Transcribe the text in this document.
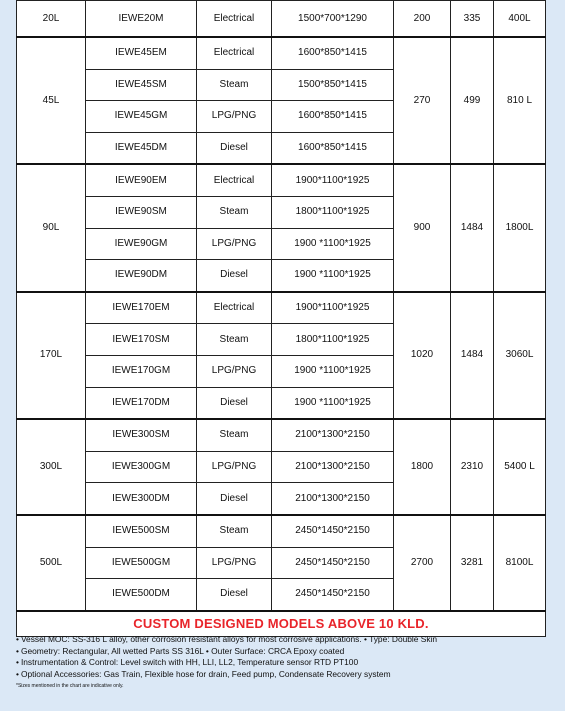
20L	IEWE20M	Electrical	1500*700*1290	200	335	400L
45L	IEWE45EM	Electrical	1600*850*1415	270	499	810 L
	IEWE45SM	Steam	1500*850*1415			
	IEWE45GM	LPG/PNG	1600*850*1415			
	IEWE45DM	Diesel	1600*850*1415			
90L	IEWE90EM	Electrical	1900*1100*1925	900	1484	1800L
	IEWE90SM	Steam	1800*1100*1925			
	IEWE90GM	LPG/PNG	1900 *1100*1925			
	IEWE90DM	Diesel	1900 *1100*1925			
170L	IEWE170EM	Electrical	1900*1100*1925	1020	1484	3060L
	IEWE170SM	Steam	1800*1100*1925			
	IEWE170GM	LPG/PNG	1900 *1100*1925			
	IEWE170DM	Diesel	1900 *1100*1925			
300L	IEWE300SM	Steam	2100*1300*2150	1800	2310	5400 L
	IEWE300GM	LPG/PNG	2100*1300*2150			
	IEWE300DM	Diesel	2100*1300*2150			
500L	IEWE500SM	Steam	2450*1450*2150	2700	3281	8100L
	IEWE500GM	LPG/PNG	2450*1450*2150			
	IEWE500DM	Diesel	2450*1450*2150			
CUSTOM DESIGNED MODELS ABOVE 10 KLD.						
• Vessel MOC: SS-316 L alloy, other corrosion resistant alloys for most corrosive applications. • Type: Double Skin
• Geometry: Rectangular, All wetted Parts SS 316L • Outer Surface: CRCA Epoxy coated
• Instrumentation & Control: Level switch with HH, LLI, LL2, Temperature sensor RTD PT100
• Optional Accessories: Gas Train, Flexible hose for drain, Feed pump, Condensate Recovery system
*Sizes mentioned in the chart are indicative only.
